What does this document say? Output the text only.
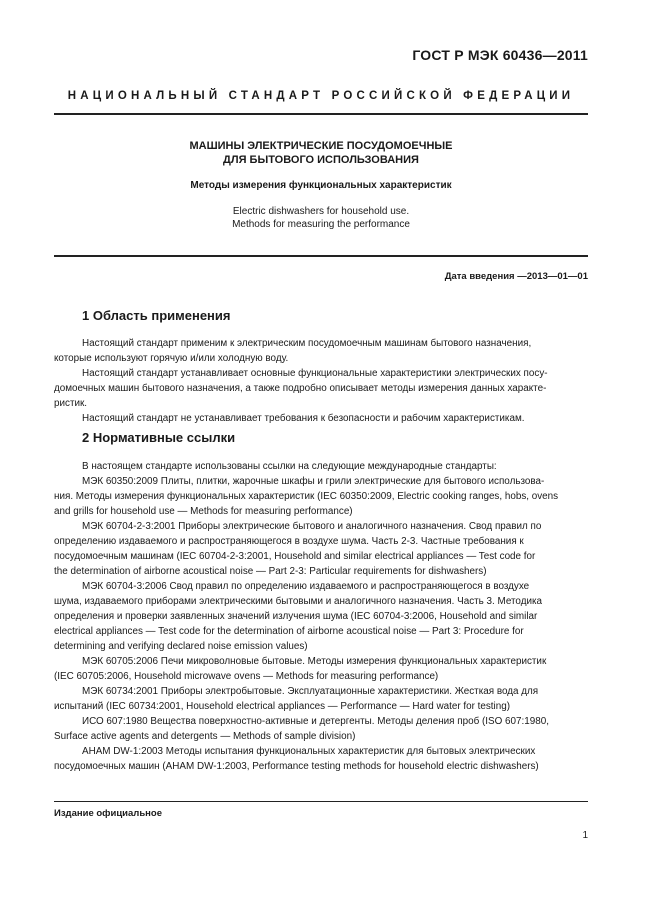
ГОСТ Р МЭК 60436—2011
НАЦИОНАЛЬНЫЙ СТАНДАРТ РОССИЙСКОЙ ФЕДЕРАЦИИ
МАШИНЫ ЭЛЕКТРИЧЕСКИЕ ПОСУДОМОЕЧНЫЕ
ДЛЯ БЫТОВОГО ИСПОЛЬЗОВАНИЯ
Методы измерения функциональных характеристик
Electric dishwashers for household use.
Methods for measuring the performance
Дата введения —2013—01—01
1 Область применения
Настоящий стандарт применим к электрическим посудомоечным машинам бытового назначения,
которые используют горячую и/или холодную воду.
Настоящий стандарт устанавливает основные функциональные характеристики электрических посу-
домоечных машин бытового назначения, а также подробно описывает методы измерения данных характе-
ристик.
Настоящий стандарт не устанавливает требования к безопасности и рабочим характеристикам.
2 Нормативные ссылки
В настоящем стандарте использованы ссылки на следующие международные стандарты:
МЭК 60350:2009 Плиты, плитки, жарочные шкафы и грили электрические для бытового использова-
ния. Методы измерения функциональных характеристик (IEC 60350:2009, Electric cooking ranges, hobs, ovens
and grills for household use — Methods for measuring performance)
МЭК 60704-2-3:2001 Приборы электрические бытового и аналогичного назначения. Свод правил по
определению издаваемого и распространяющегося в воздухе шума. Часть 2-3. Частные требования к
посудомоечным машинам (IEC 60704-2-3:2001, Household and similar electrical appliances — Test code for
the determination of airborne acoustical noise — Part 2-3: Particular requirements for dishwashers)
МЭК 60704-3:2006 Свод правил по определению издаваемого и распространяющегося в воздухе
шума, издаваемого приборами электрическими бытовыми и аналогичного назначения. Часть 3. Методика
определения и проверки заявленных значений излучения шума (IEC 60704-3:2006, Household and similar
electrical appliances — Test code for the determination of airborne acoustical noise — Part 3: Procedure for
determining and verifying declared noise emission values)
МЭК 60705:2006 Печи микроволновые бытовые. Методы измерения функциональных характеристик
(IEC 60705:2006, Household microwave ovens — Methods for measuring performance)
МЭК 60734:2001 Приборы электробытовые. Эксплуатационные характеристики. Жесткая вода для
испытаний (IEC 60734:2001, Household electrical appliances — Performance — Hard water for testing)
ИСО 607:1980 Вещества поверхностно-активные и детергенты. Методы деления проб (ISO 607:1980,
Surface active agents and detergents — Methods of sample division)
AHAM DW-1:2003 Методы испытания функциональных характеристик для бытовых электрических
посудомоечных машин (AHAM DW-1:2003, Performance testing methods for household electric dishwashers)
Издание официальное
1
